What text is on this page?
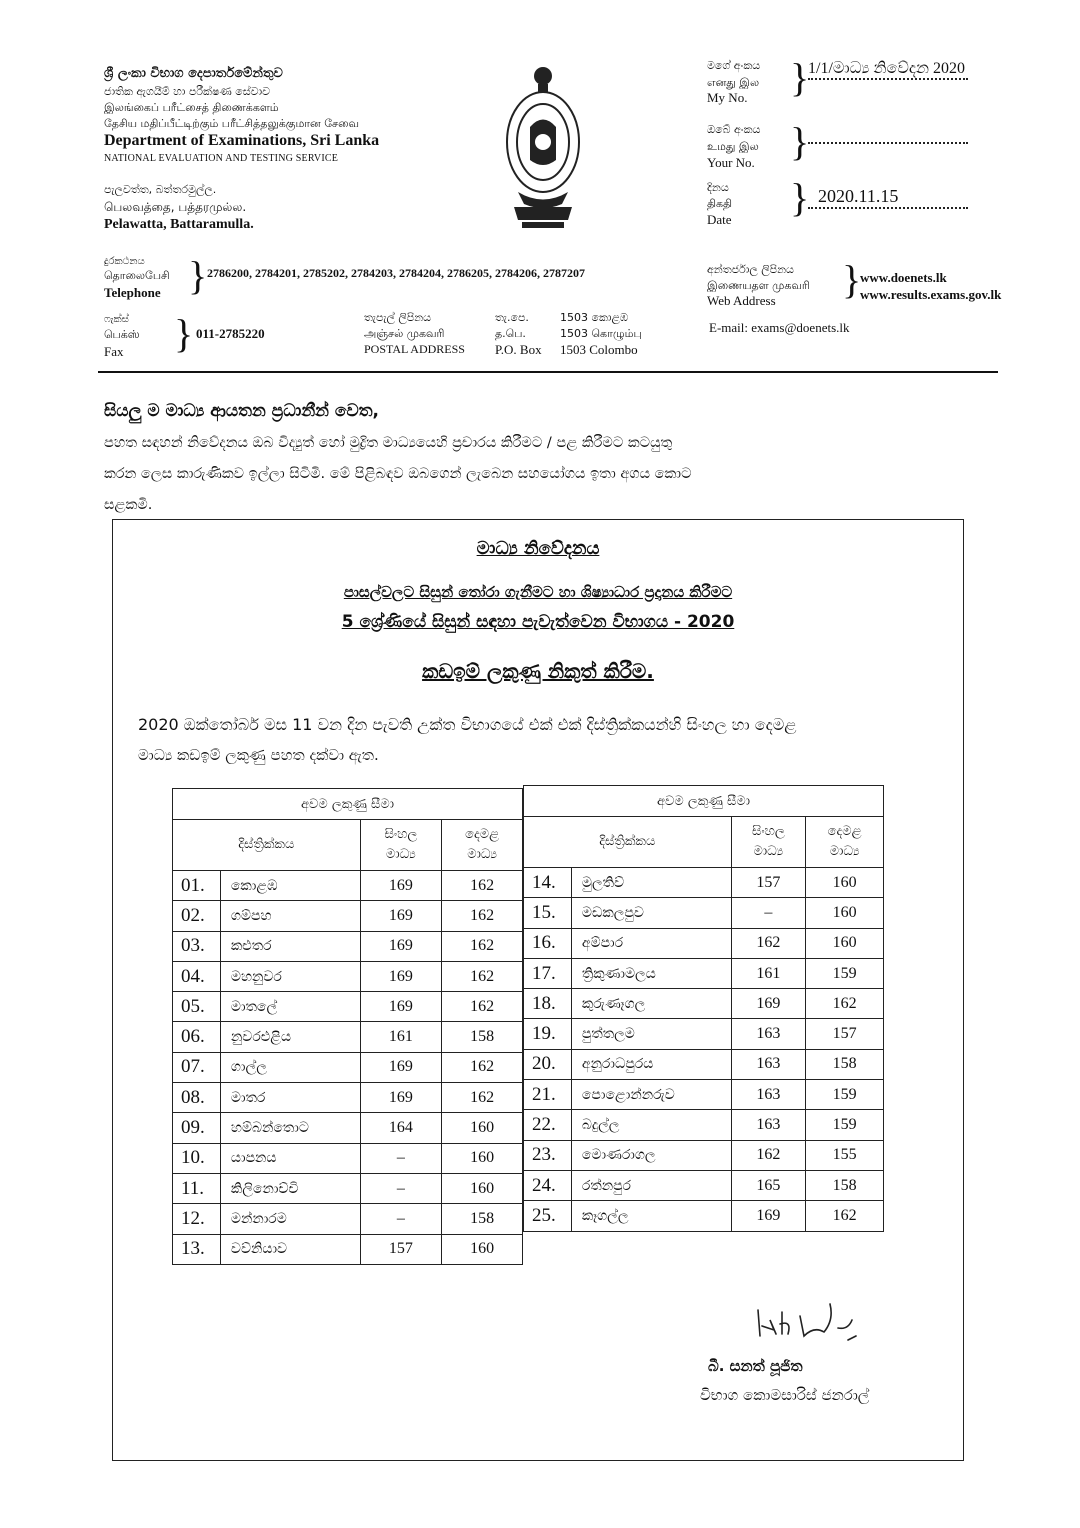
ශ්‍රී ලංකා විභාග දෙපාර්තමේන්තුව
ජාතික ඇගයීම් හා පරීක්ෂණ සේවාව
இலங்கைப் பரீட்சைத் திணைக்களம்
தேசிய மதிப்பீட்டிற்கும் பரீட்சித்தலுக்குமான சேவை
Department of Examinations, Sri Lanka
NATIONAL EVALUATION AND TESTING SERVICE
පැලවත්ත, බත්තරමුල්ල.
பெலவத்தை, பத்தரமுல்ல.
Pelawatta, Battaramulla.
මගේ අංකය
எனது இல
My No. }
1/1/මාධ්‍ය නිවේදන 2020
ඔබේ අංකය
உமது இல
Your No. }
දිනය
திகதி
Date } 2020.11.15
දුරකථනය
தொலைபேசி
Telephone } 2786200, 2784201, 2785202, 2784203, 2784204, 2786205, 2784206, 2787207	අන්තර්ජාල ලිපිනය
இணையதள முகவரி
Web Address }
www.doenets.lk
www.results.exams.gov.lk
ෆැක්ස්
பெக்ஸ்
Fax } 011-2785220
තැපැල් ලිපිනය
அஞ்சல் முகவரி
POSTAL ADDRESS
තැ.පෙ.
த.பெ.
P.O. Box
1503 කොළඹ
1503 கொழும்பு
1503 Colombo
E-mail: exams@doenets.lk
සියලු ම මාධ්‍ය ආයතන ප්‍රධානීන් වෙත,
පහත සඳහන් නිවේදනය ඔබ විද්‍යුත් හෝ මුද්‍රිත මාධ්‍යයෙහි ප්‍රචාරය කිරීමට / පළ කිරීමට කටයුතු
කරන ලෙස කාරුණිකව ඉල්ලා සිටිමි. මේ පිළිබඳව ඔබගෙන් ලැබෙන සහයෝගය ඉතා අගය කොට
සළකමි.
මාධ්‍ය නිවේදනය
පාසල්වලට සිසුන් තෝරා ගැනීමට හා ශිෂ්‍යාධාර ප්‍රදානය කිරීමට
5 ශ්‍රේණියේ සිසුන් සඳහා පැවැත්වෙන විභාගය - 2020
කඩඉම් ලකුණු නිකුත් කිරීම.
2020 ඔක්තෝබර් මස 11 වන දින පැවති උක්ත විභාගයේ එක් එක් දිස්ත්‍රික්කයන්හි සිංහල හා දෙමළ
මාධ්‍ය කඩඉම් ලකුණු පහත දක්වා ඇත.
අවම ලකුණු සීමා			
දිස්ත්‍රික්කය		සිංහල
මාධ්‍ය	දෙමළ
මාධ්‍ය
01.	කොළඹ	169	162
02.	ගම්පහ	169	162
03.	කළුතර	169	162
04.	මහනුවර	169	162
05.	මාතලේ	169	162
06.	නුවරඑළිය	161	158
07.	ගාල්ල	169	162
08.	මාතර	169	162
09.	හම්බන්තොට	164	160
10.	යාපනය	–	160
11.	කිලිනොච්චි	–	160
12.	මන්නාරම	–	158
13.	වව්නියාව	157	160
අවම ලකුණු සීමා			
දිස්ත්‍රික්කය		සිංහල
මාධ්‍ය	දෙමළ
මාධ්‍ය
14.	මුලතිව්	157	160
15.	මඩකලපුව	–	160
16.	අම්පාර	162	160
17.	ත්‍රිකුණාමලය	161	159
18.	කුරුණෑගල	169	162
19.	පුත්තලම	163	157
20.	අනුරාධපුරය	163	158
21.	පොළොන්නරුව	163	159
22.	බදුල්ල	163	159
23.	මොණරාගල	162	155
24.	රත්නපුර	165	158
25.	කෑගල්ල	169	162
බී. සනත් පූජිත
විභාග කොමසාරිස් ජනරාල්
